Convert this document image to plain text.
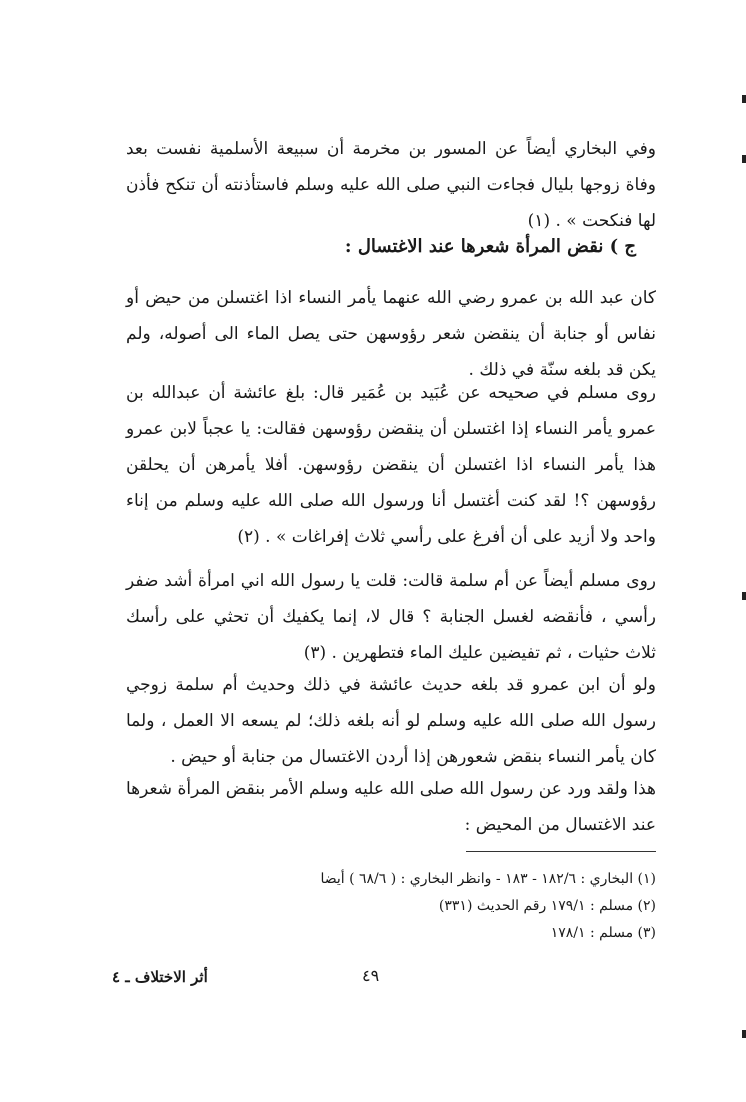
وفي البخاري أيضاً عن المسور بن مخرمة أن سبيعة الأسلمية نفست بعد وفاة زوجها بليال فجاءت النبي صلى الله عليه وسلم فاستأذنته أن تنكح فأذن لها فنكحت » . (١)
ج ) نقض المرأة شعرها عند الاغتسال :
كان عبد الله بن عمرو رضي الله عنهما يأمر النساء اذا اغتسلن من حيض أو نفاس أو جنابة أن ينقضن شعر رؤوسهن حتى يصل الماء الى أصوله، ولم يكن قد بلغه سنّة في ذلك .
روى مسلم في صحيحه عن عُبَيد بن عُمَير قال: بلغ عائشة أن عبدالله بن عمرو يأمر النساء إذا اغتسلن أن ينقضن رؤوسهن فقالت: يا عجباً لابن عمرو هذا يأمر النساء اذا اغتسلن أن ينقضن رؤوسهن. أفلا يأمرهن أن يحلقن رؤوسهن ؟! لقد كنت أغتسل أنا ورسول الله صلى الله عليه وسلم من إناء واحد ولا أزيد على أن أفرغ على رأسي ثلاث إفراغات » . (٢)
روى مسلم أيضاً عن أم سلمة قالت: قلت يا رسول الله اني امرأة أشد ضفر رأسي ، فأنقضه لغسل الجنابة ؟ قال لا، إنما يكفيك أن تحثي على رأسك ثلاث حثيات ، ثم تفيضين عليك الماء فتطهرين . (٣)
ولو أن ابن عمرو قد بلغه حديث عائشة في ذلك وحديث أم سلمة زوجي رسول الله صلى الله عليه وسلم لو أنه بلغه ذلك؛ لم يسعه الا العمل ، ولما كان يأمر النساء بنقض شعورهن إذا أردن الاغتسال من جنابة أو حيض .
هذا ولقد ورد عن رسول الله صلى الله عليه وسلم الأمر بنقض المرأة شعرها عند الاغتسال من المحيض :
(١) البخاري : ١٨٢/٦ - ١٨٣ - وانظر البخاري : ( ٦٨/٦ ) أيضا
(٢) مسلم : ١٧٩/١ رقم الحديث (٣٣١)
(٣) مسلم : ١٧٨/١
٤٩
أثر الاختلاف ـ ٤
